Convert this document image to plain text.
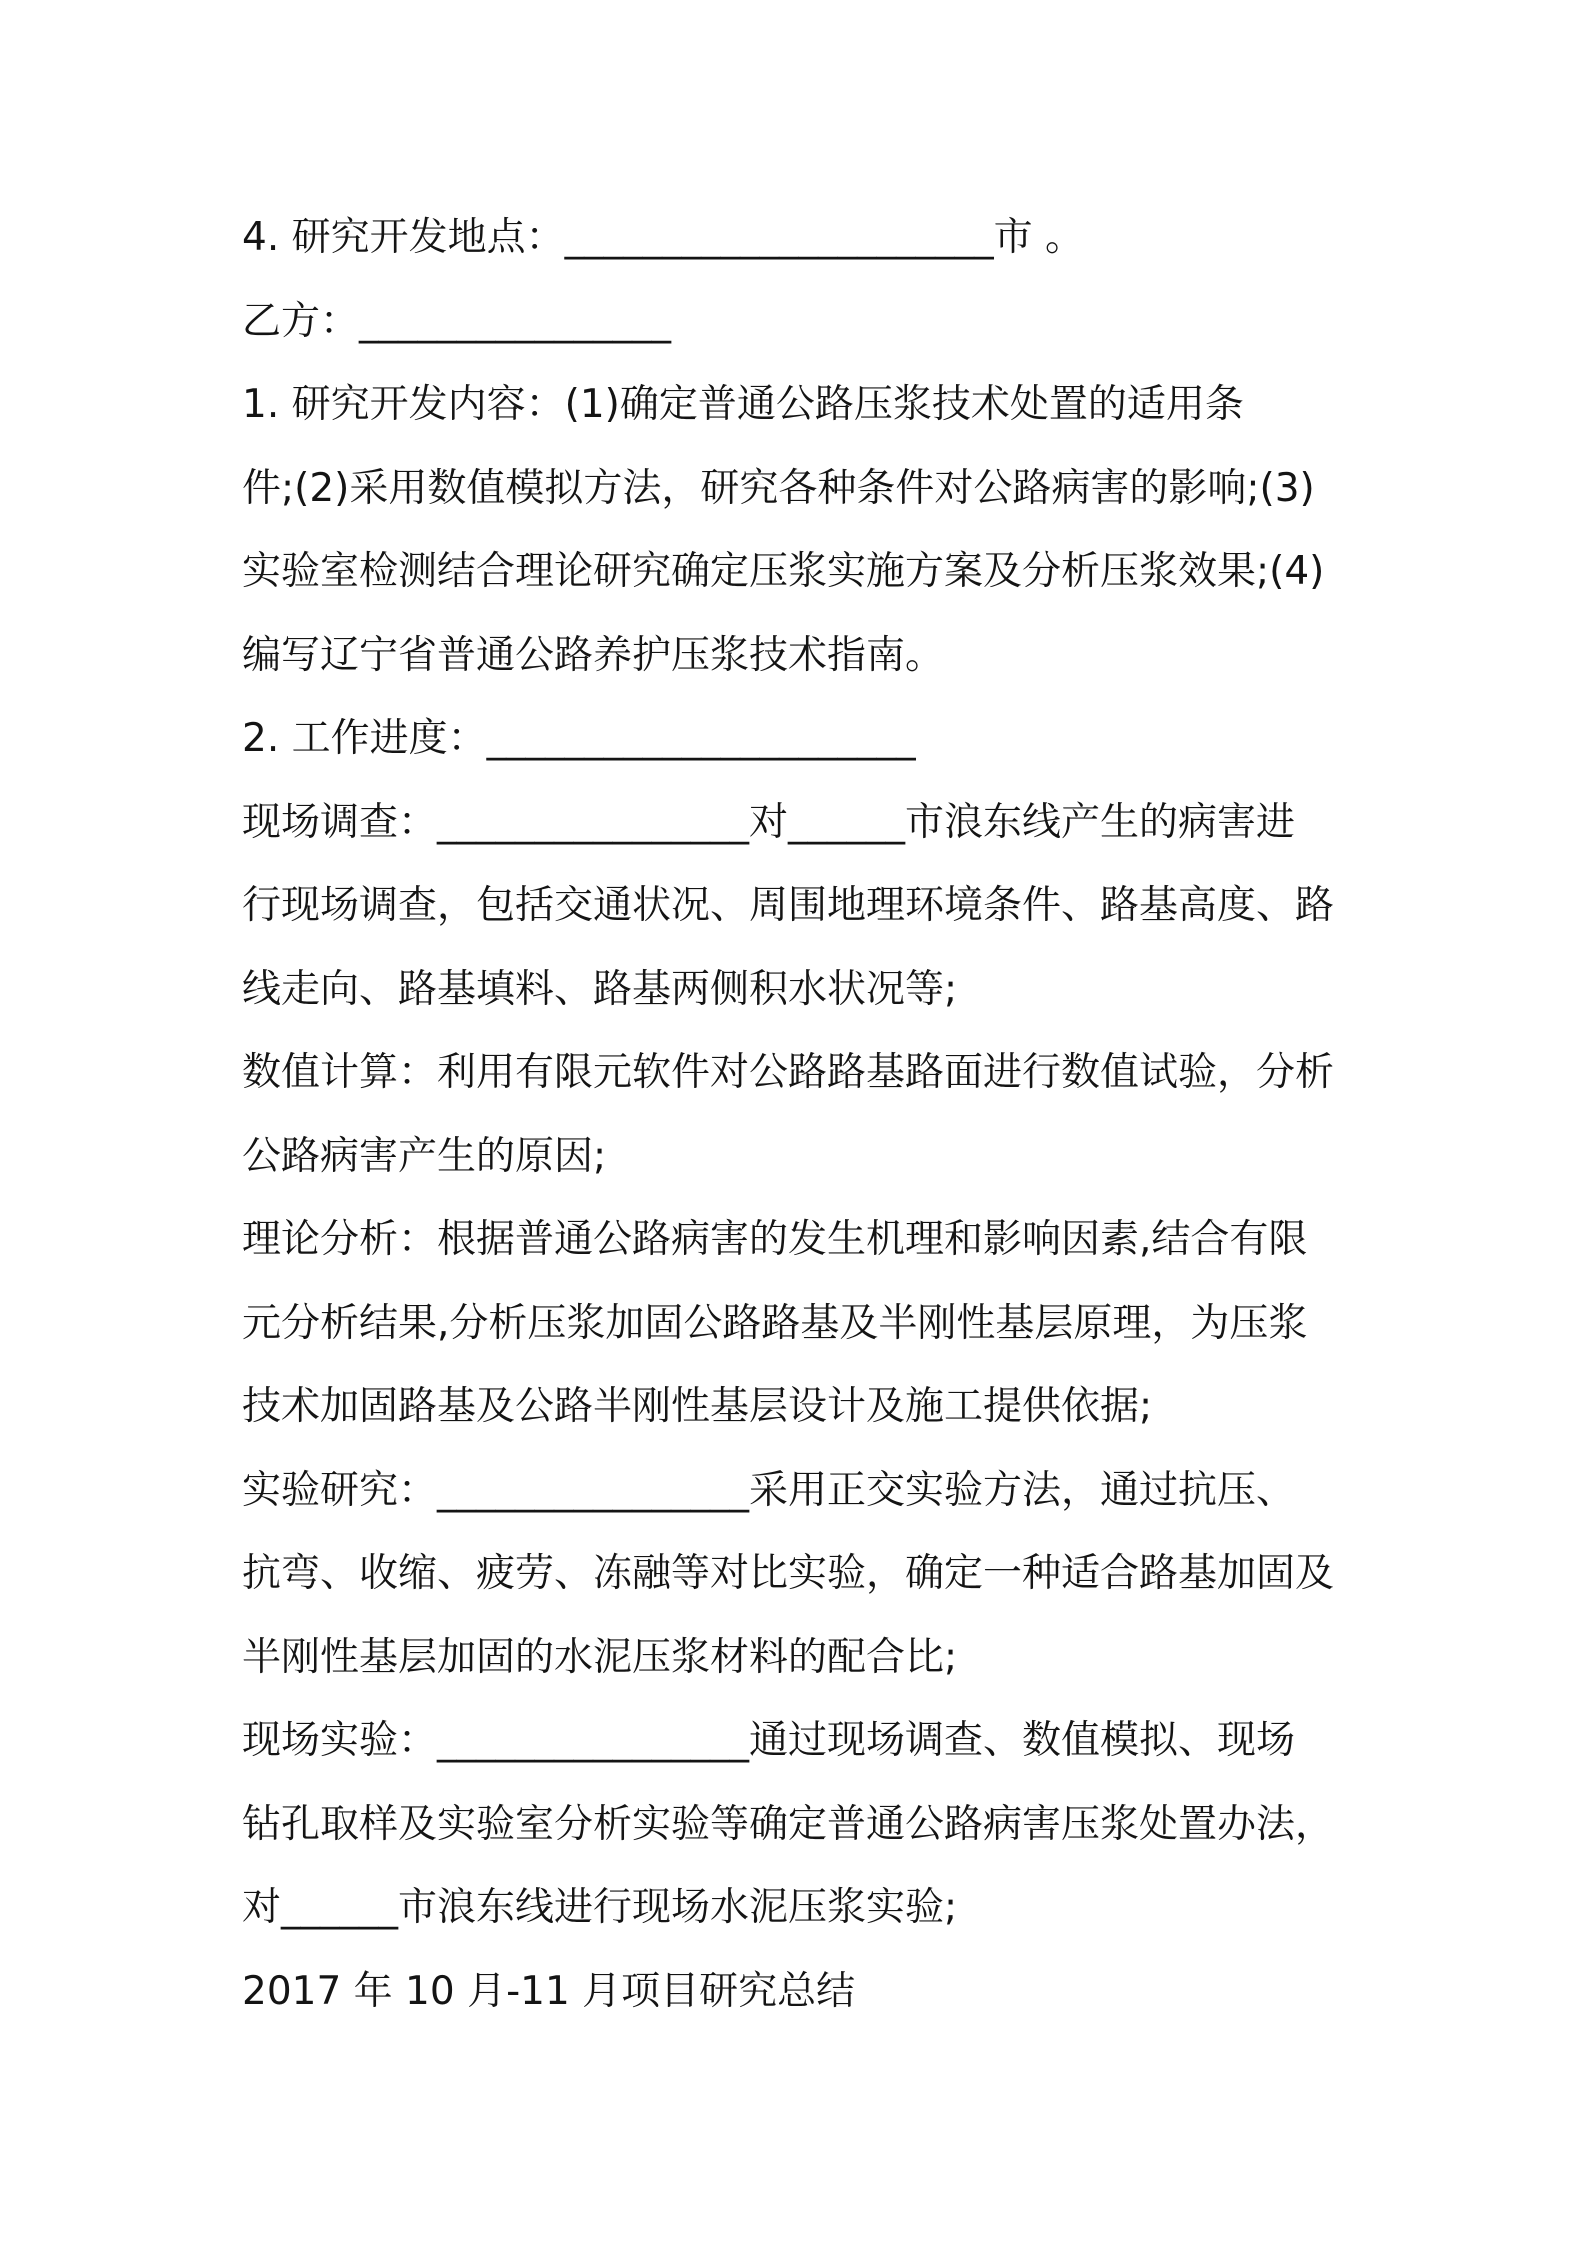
4. 研究开发地点：______________________市 。
乙方：________________
1. 研究开发内容：(1)确定普通公路压浆技术处置的适用条
件;(2)采用数值模拟方法，研究各种条件对公路病害的影响;(3)
实验室检测结合理论研究确定压浆实施方案及分析压浆效果;(4)
编写辽宁省普通公路养护压浆技术指南。
2. 工作进度：______________________
现场调查：________________对______市浪东线产生的病害进
行现场调查，包括交通状况、周围地理环境条件、路基高度、路
线走向、路基填料、路基两侧积水状况等;
数值计算：利用有限元软件对公路路基路面进行数值试验，分析
公路病害产生的原因;
理论分析：根据普通公路病害的发生机理和影响因素,结合有限
元分析结果,分析压浆加固公路路基及半刚性基层原理，为压浆
技术加固路基及公路半刚性基层设计及施工提供依据;
实验研究：________________采用正交实验方法，通过抗压、
抗弯、收缩、疲劳、冻融等对比实验，确定一种适合路基加固及
半刚性基层加固的水泥压浆材料的配合比;
现场实验：________________通过现场调查、数值模拟、现场
钻孔取样及实验室分析实验等确定普通公路病害压浆处置办法，
对______市浪东线进行现场水泥压浆实验;
2017 年 10 月-11 月项目研究总结
